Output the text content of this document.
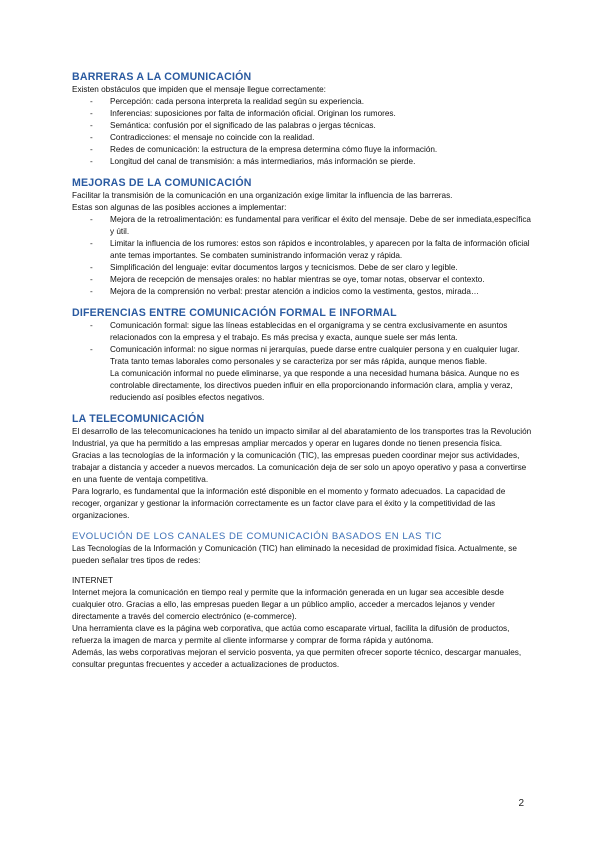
BARRERAS A LA COMUNICACIÓN

Existen obstáculos que impiden que el mensaje llegue correctamente:

- Percepción: cada persona interpreta la realidad según su experiencia.
- Inferencias: suposiciones por falta de información oficial. Originan los rumores.
- Semántica: confusión por el significado de las palabras o jergas técnicas.
- Contradicciones: el mensaje no coincide con la realidad.
- Redes de comunicación: la estructura de la empresa determina cómo fluye la información.
- Longitud del canal de transmisión: a más intermediarios, más información se pierde.
MEJORAS DE LA COMUNICACIÓN

Facilitar la transmisión de la comunicación en una organización exige limitar la influencia de las barreras.

Estas son algunas de las posibles acciones a implementar:

- Mejora de la retroalimentación: es fundamental para verificar el éxito del mensaje. Debe de ser inmediata,específica y útil.
- Limitar la influencia de los rumores: estos son rápidos e incontrolables, y aparecen por la falta de información oficial ante temas importantes. Se combaten suministrando información veraz y rápida.
- Simplificación del lenguaje: evitar documentos largos y tecnicismos. Debe de ser claro y legible.
- Mejora de recepción de mensajes orales: no hablar mientras se oye, tomar notas, observar el contexto.
- Mejora de la comprensión no verbal: prestar atención a indicios como la vestimenta, gestos, mirada…
DIFERENCIAS ENTRE COMUNICACIÓN FORMAL E INFORMAL
- Comunicación formal: sigue las líneas establecidas en el organigrama y se centra exclusivamente en asuntos relacionados con la empresa y el trabajo. Es más precisa y exacta, aunque suele ser más lenta.
- Comunicación informal: no sigue normas ni jerarquías, puede darse entre cualquier persona y en cualquier lugar. Trata tanto temas laborales como personales y se caracteriza por ser más rápida, aunque menos fiable.

La comunicación informal no puede eliminarse, ya que responde a una necesidad humana básica. Aunque no es controlable directamente, los directivos pueden influir en ella proporcionando información clara, amplia y veraz, reduciendo así posibles efectos negativos.

LA TELECOMUNICACIÓN

El desarrollo de las telecomunicaciones ha tenido un impacto similar al del abaratamiento de los transportes tras la Revolución Industrial, ya que ha permitido a las empresas ampliar mercados y operar en lugares donde no tienen presencia física.

Gracias a las tecnologías de la información y la comunicación (TIC), las empresas pueden coordinar mejor sus actividades, trabajar a distancia y acceder a nuevos mercados. La comunicación deja de ser solo un apoyo operativo y pasa a convertirse en una fuente de ventaja competitiva.

Para lograrlo, es fundamental que la información esté disponible en el momento y formato adecuados. La capacidad de recoger, organizar y gestionar la información correctamente es un factor clave para el éxito y la competitividad de las organizaciones.

EVOLUCIÓN DE LOS CANALES DE COMUNICACIÓN BASADOS EN LAS TIC

Las Tecnologías de la Información y Comunicación (TIC) han eliminado la necesidad de proximidad física. Actualmente, se pueden señalar tres tipos de redes:

INTERNET

Internet mejora la comunicación en tiempo real y permite que la información generada en un lugar sea accesible desde cualquier otro. Gracias a ello, las empresas pueden llegar a un público amplio, acceder a mercados lejanos y vender directamente a través del comercio electrónico (e-commerce).

Una herramienta clave es la página web corporativa, que actúa como escaparate virtual, facilita la difusión de productos, refuerza la imagen de marca y permite al cliente informarse y comprar de forma rápida y autónoma.

Además, las webs corporativas mejoran el servicio posventa, ya que permiten ofrecer soporte técnico, descargar manuales, consultar preguntas frecuentes y acceder a actualizaciones de productos.

2
